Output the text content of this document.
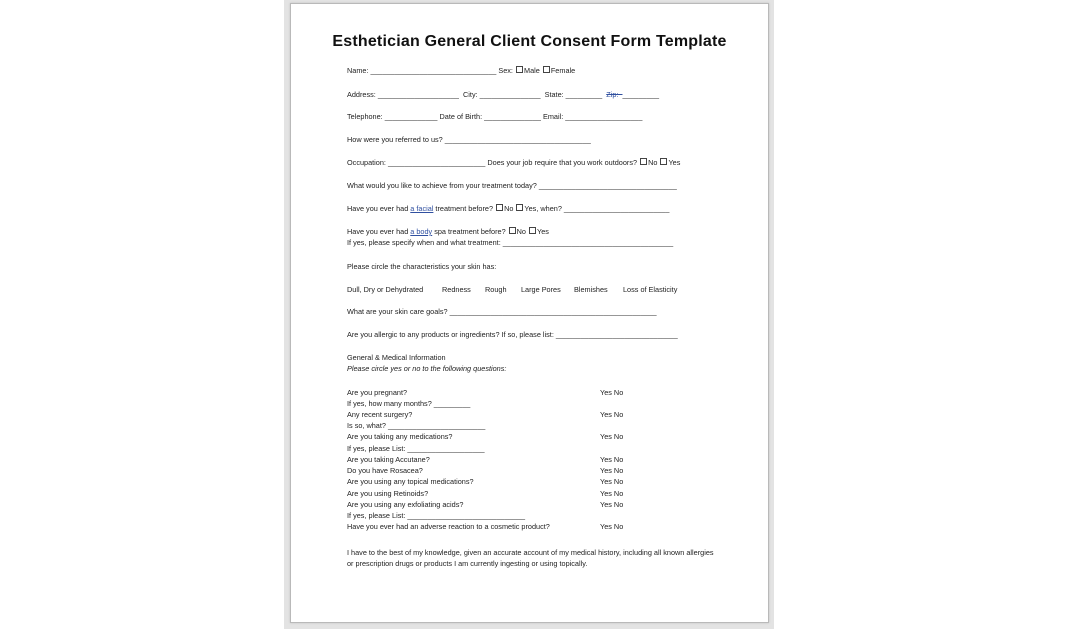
Esthetician General Client Consent Form Template
Name: _______________________________ Sex: Male Female
Address: ____________________  City: _______________  State: _________  Zip:  _________
Telephone: _____________ Date of Birth: ______________ Email: ___________________
How were you referred to us? ____________________________________
Occupation: ________________________ Does your job require that you work outdoors? No Yes
What would you like to achieve from your treatment today? __________________________________
Have you ever had a facial treatment before? No Yes, when? __________________________
Have you ever had a body spa treatment before? No Yes
If yes, please specify when and what treatment: __________________________________________
Please circle the characteristics your skin has:
Dull, Dry or Dehydrated	Redness Rough Large Pores Blemishes Loss of Elasticity
What are your skin care goals? ___________________________________________________
Are you allergic to any products or ingredients? If so, please list: ______________________________
General & Medical Information
Please circle yes or no to the following questions:
Are you pregnant?	Yes No
If yes, how many months? _________
Any recent surgery?	Yes No
Is so, what? ________________________
Are you taking any medications?	Yes No
If yes, please List: ___________________
Are you taking Accutane?	Yes No
Do you have Rosacea?	Yes No
Are you using any topical medications?	Yes No
Are you using Retinoids?	Yes No
Are you using any exfoliating acids?	Yes No
If yes, please List: _____________________________
Have you ever had an adverse reaction to a cosmetic product?	Yes No
I have to the best of my knowledge, given an accurate account of my medical history, including all known allergies or prescription drugs or products I am currently ingesting or using topically.
